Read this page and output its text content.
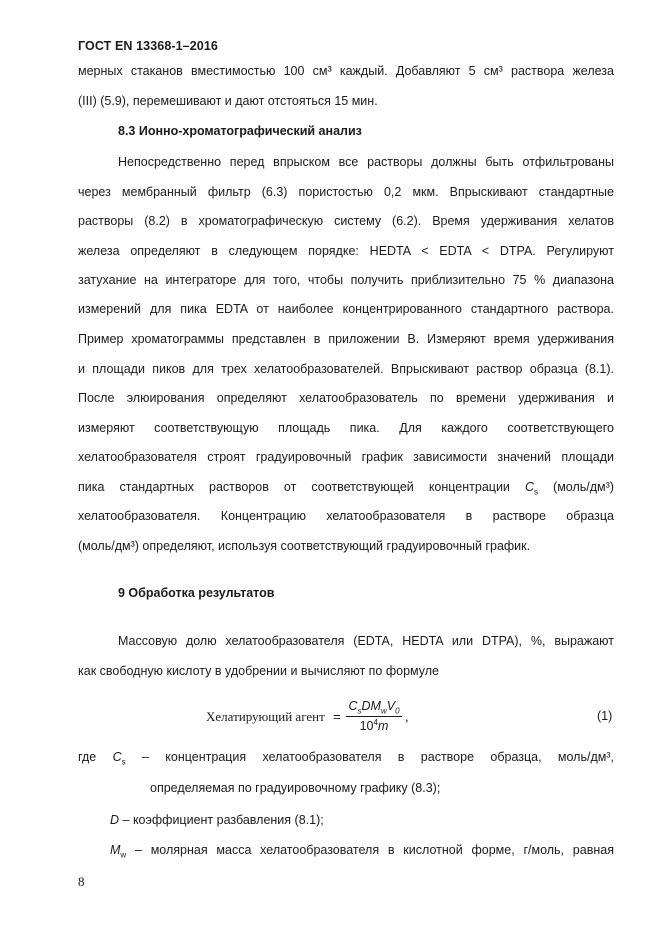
ГОСТ EN 13368-1–2016
мерных стаканов вместимостью 100 см³ каждый. Добавляют 5 см³ раствора железа
(III) (5.9), перемешивают и дают отстояться 15 мин.
8.3 Ионно-хроматографический анализ
Непосредственно перед впрыском все растворы должны быть отфильтрованы
через мембранный фильтр (6.3) пористостью 0,2 мкм. Впрыскивают стандартные
растворы (8.2) в хроматографическую систему (6.2). Время удерживания хелатов
железа определяют в следующем порядке: HEDTA < EDTA < DTPA. Регулируют
затухание на интеграторе для того, чтобы получить приблизительно 75 % диапазона
измерений для пика EDTA от наиболее концентрированного стандартного раствора.
Пример хроматограммы представлен в приложении В. Измеряют время удерживания
и площади пиков для трех хелатообразователей. Впрыскивают раствор образца (8.1).
После элюирования определяют хелатообразователь по времени удерживания и
измеряют соответствующую площадь пика. Для каждого соответствующего
хелатообразователя строят градуировочный график зависимости значений площади
пика стандартных растворов от соответствующей концентрации $C_s$ (моль/дм³)
хелатообразователя. Концентрацию хелатообразователя в растворе образца
(моль/дм³) определяют, используя соответствующий градуировочный график.
9 Обработка результатов
Массовую долю хелатообразователя (EDTA, HEDTA или DTPA), %, выражают
как свободную кислоту в удобрении и вычисляют по формуле
Хелатирующий агент =
$C_sDM_wV_0$
$10^4m$
,	(1)
где $C_s$ – концентрация хелатообразователя в растворе образца, моль/дм³,
определяемая по градуировочному графику (8.3);
D – коэффициент разбавления (8.1);
$M_w$ – молярная масса хелатообразователя в кислотной форме, г/моль, равная
8
